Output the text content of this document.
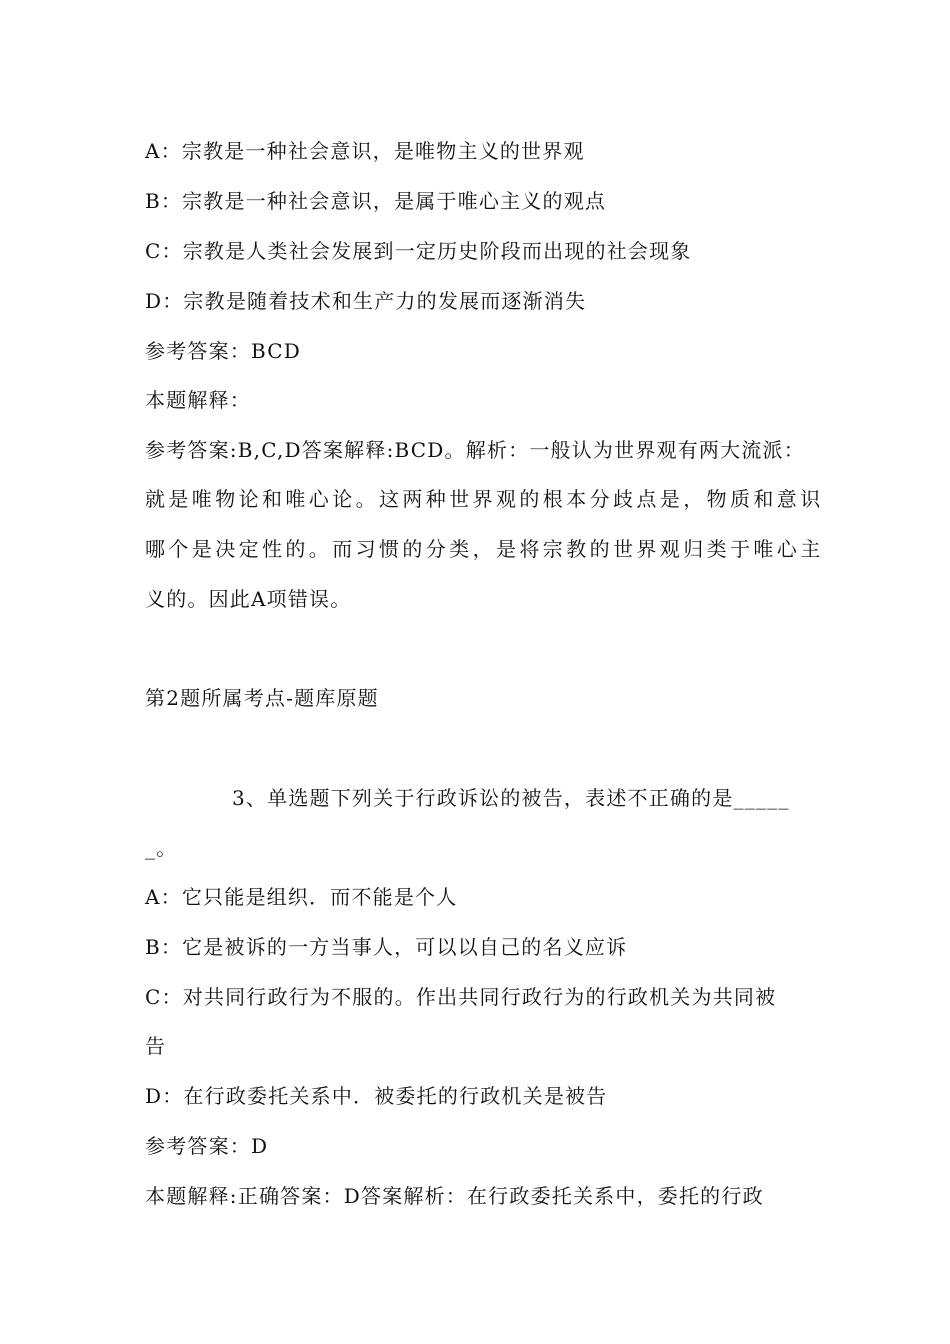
A：宗教是一种社会意识，是唯物主义的世界观
B：宗教是一种社会意识，是属于唯心主义的观点
C：宗教是人类社会发展到一定历史阶段而出现的社会现象
D：宗教是随着技术和生产力的发展而逐渐消失
参考答案：BCD
本题解释：
参考答案:B,C,D答案解释:BCD。解析：一般认为世界观有两大流派：
就是唯物论和唯心论。这两种世界观的根本分歧点是，物质和意识
哪个是决定性的。而习惯的分类，是将宗教的世界观归类于唯心主
义的。因此A项错误。
第2题所属考点-题库原题
3、单选题下列关于行政诉讼的被告，表述不正确的是_____
_。
A：它只能是组织．而不能是个人
B：它是被诉的一方当事人，可以以自己的名义应诉
C：对共同行政行为不服的。作出共同行政行为的行政机关为共同被
告
D：在行政委托关系中．被委托的行政机关是被告
参考答案：D
本题解释:正确答案：D答案解析：在行政委托关系中，委托的行政
